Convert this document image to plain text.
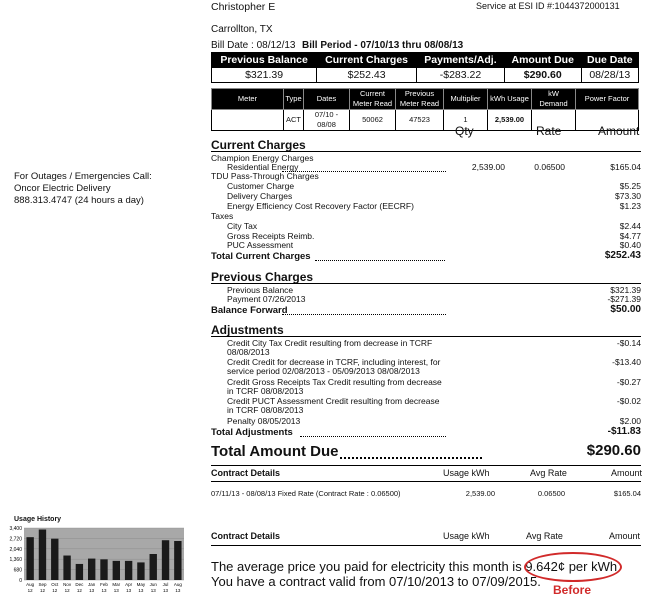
Christopher E	Service at ESI ID #:1044372000131
Carrollton, TX
Bill Date : 08/12/13 Bill Period - 07/10/13 thru 08/08/13
Previous Balance	Current Charges	Payments/Adj.	Amount Due	Due Date
$321.39	$252.43	-$283.22	$290.60	08/28/13
Meter	Type	Dates	Current Meter Read	Previous Meter Read	Multiplier	kWh Usage	kW Demand	Power Factor
	ACT	07/10 - 08/08	50062	47523	1	2,539.00		
Qty	Rate	Amount
For Outages / Emergencies Call:
Oncor Electric Delivery
888.313.4747 (24 hours a day)
Current Charges
Champion Energy Charges
Residential Energy	2,539.00	0.06500	$165.04
TDU Pass-Through Charges
Customer Charge	$5.25
Delivery Charges	$73.30
Energy Efficiency Cost Recovery Factor (EECRF)	$1.23
Taxes
City Tax	$2.44
Gross Receipts Reimb.	$4.77
PUC Assessment	$0.40
Total Current Charges	$252.43
Previous Charges
Previous Balance	$321.39
Payment 07/26/2013	-$271.39
Balance Forward	$50.00
Adjustments
Credit City Tax Credit resulting from decrease in TCRF
08/08/2013
-$0.14
Credit Credit for decrease in TCRF, including interest, for
service period 02/08/2013 - 05/09/2013 08/08/2013
-$13.40
Credit Gross Receipts Tax Credit resulting from decrease
in TCRF 08/08/2013
-$0.27
Credit PUCT Assessment Credit resulting from decrease
in TCRF 08/08/2013
-$0.02
Penalty 08/05/2013	$2.00
Total Adjustments	-$11.83
Total Amount Due	$290.60
Contract Details	Usage kWh	Avg Rate	Amount
07/11/13 - 08/08/13 Fixed Rate (Contract Rate : 0.06500)	2,539.00	0.06500	$165.04
Contract Details	Usage kWh	Avg Rate	Amount
The average price you paid for electricity this month is 9.642¢ per kWh
You have a contract valid from 07/10/2013 to 07/09/2015.
Before
Usage History
3,400
2,720
2,040
1,360
680
0
Aug
12
Sep
12
Oct
12
Nov
12
Dec
12
Jan
13
Feb
13
Mar
13
Apr
13
May
13
Jun
13
Jul
13
Aug
13
